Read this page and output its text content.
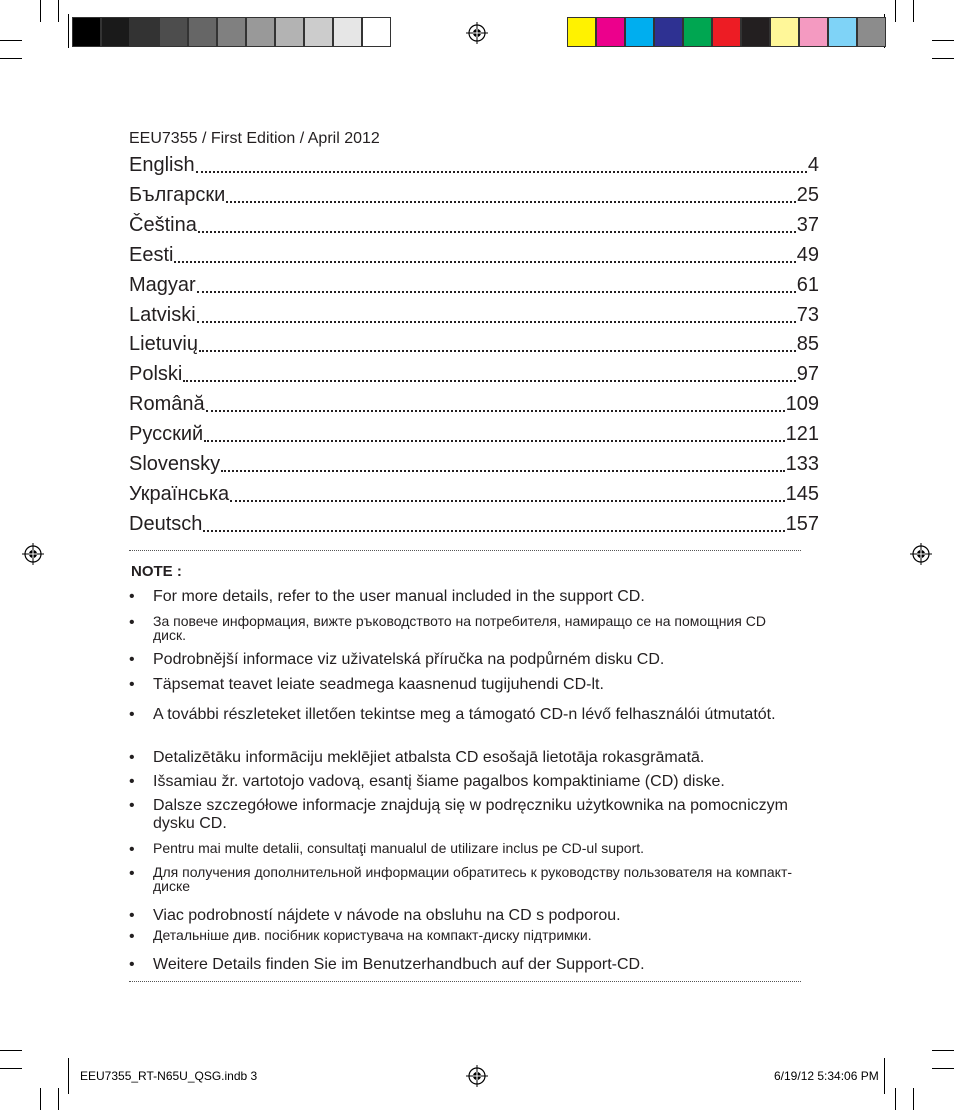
EEU7355 / First Edition / April 2012
English	4
Български	25
Čeština	37
Eesti	49
Magyar	61
Latviski	73
Lietuvių	85
Polski	97
Română	109
Русский	121
Slovensky	133
Українська	145
Deutsch	157
NOTE :
•	For more details, refer to the user manual included in the support CD.
•	За повече информация, вижте ръководството на потребителя, намиращо се на помощния CD диск.
•	Podrobnější informace viz uživatelská příručka na podpůrném disku CD.
•	Täpsemat teavet leiate seadmega kaasnenud tugijuhendi CD-lt.
•	A további részleteket illetően tekintse meg a támogató CD-n lévő felhasználói útmutatót.
•	Detalizētāku informāciju meklējiet atbalsta CD esošajā lietotāja rokasgrāmatā.
•	Išsamiau žr. vartotojo vadovą, esantį šiame pagalbos kompaktiniame (CD) diske.
•	Dalsze szczegółowe informacje znajdują się w podręczniku użytkownika na pomocniczym dysku CD.
•	Pentru mai multe detalii, consultaţi manualul de utilizare inclus pe CD-ul suport.
•	Для получения дополнительной информации обратитесь к руководству пользователя на компакт-диске
•	Viac podrobností nájdete v návode na obsluhu na CD s podporou.
•	Детальніше див. посібник користувача на компакт-диску підтримки.
•	Weitere Details finden Sie im Benutzerhandbuch auf der Support-CD.
EEU7355_RT-N65U_QSG.indb 3	6/19/12 5:34:06 PM
